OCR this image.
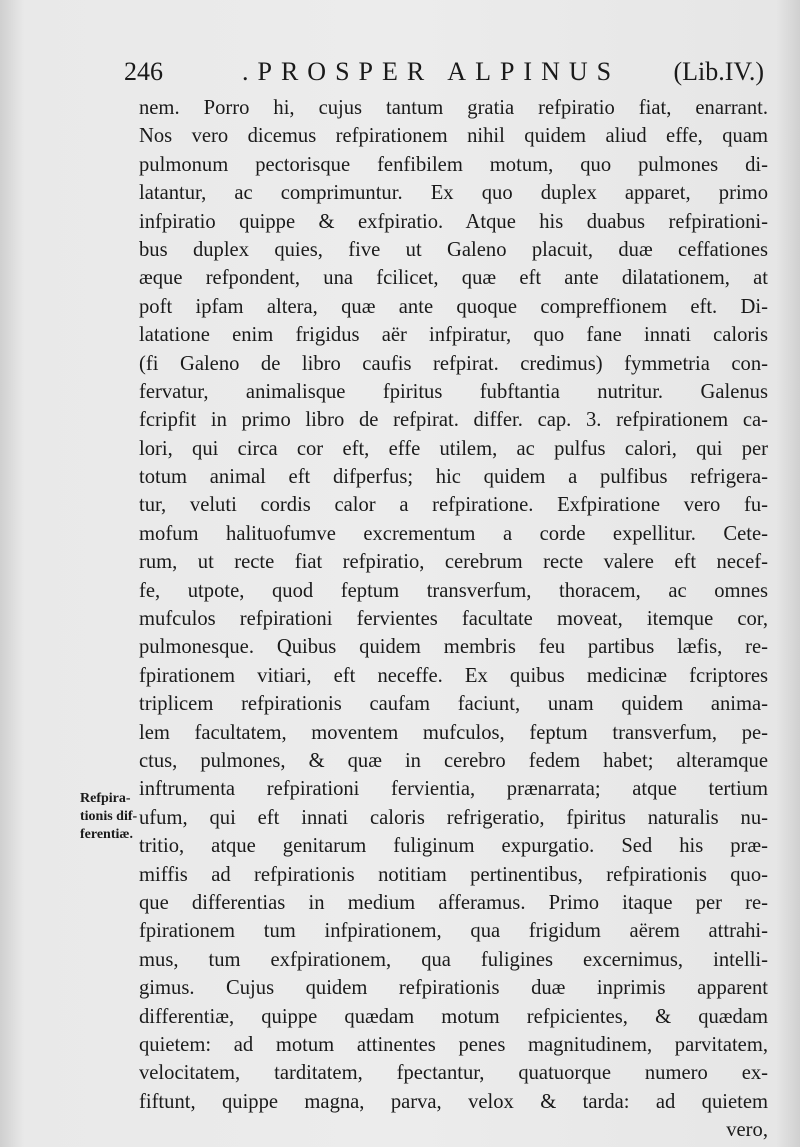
246	.PROSPER ALPINUS (Lib.IV.)
Refpira-
tionis dif-
ferentiæ.
nem. Porro hi, cujus tantum gratia refpiratio fiat, enarrant.
Nos vero dicemus refpirationem nihil quidem aliud effe, quam
pulmonum pectorisque fenfibilem motum, quo pulmones di-
latantur, ac comprimuntur. Ex quo duplex apparet, primo
infpiratio quippe & exfpiratio. Atque his duabus refpirationi-
bus duplex quies, five ut Galeno placuit, duæ ceffationes
æque refpondent, una fcilicet, quæ eft ante dilatationem, at
poft ipfam altera, quæ ante quoque compreffionem eft. Di-
latatione enim frigidus aër infpiratur, quo fane innati caloris
(fi Galeno de libro caufis refpirat. credimus) fymmetria con-
fervatur, animalisque fpiritus fubftantia nutritur. Galenus
fcripfit in primo libro de refpirat. differ. cap. 3. refpirationem ca-
lori, qui circa cor eft, effe utilem, ac pulfus calori, qui per
totum animal eft difperfus; hic quidem a pulfibus refrigera-
tur, veluti cordis calor a refpiratione. Exfpiratione vero fu-
mofum halituofumve excrementum a corde expellitur. Cete-
rum, ut recte fiat refpiratio, cerebrum recte valere eft necef-
fe, utpote, quod feptum transverfum, thoracem, ac omnes
mufculos refpirationi fervientes facultate moveat, itemque cor,
pulmonesque. Quibus quidem membris feu partibus læfis, re-
fpirationem vitiari, eft neceffe. Ex quibus medicinæ fcriptores
triplicem refpirationis caufam faciunt, unam quidem anima-
lem facultatem, moventem mufculos, feptum transverfum, pe-
ctus, pulmones, & quæ in cerebro fedem habet; alteramque
inftrumenta refpirationi fervientia, prænarrata; atque tertium
ufum, qui eft innati caloris refrigeratio, fpiritus naturalis nu-
tritio, atque genitarum fuliginum expurgatio. Sed his præ-
miffis ad refpirationis notitiam pertinentibus, refpirationis quo-
que differentias in medium afferamus. Primo itaque per re-
fpirationem tum infpirationem, qua frigidum aërem attrahi-
mus, tum exfpirationem, qua fuligines excernimus, intelli-
gimus. Cujus quidem refpirationis duæ inprimis apparent
differentiæ, quippe quædam motum refpicientes, & quædam
quietem: ad motum attinentes penes magnitudinem, parvitatem,
velocitatem, tarditatem, fpectantur, quatuorque numero ex-
fiftunt, quippe magna, parva, velox & tarda: ad quietem
vero,
